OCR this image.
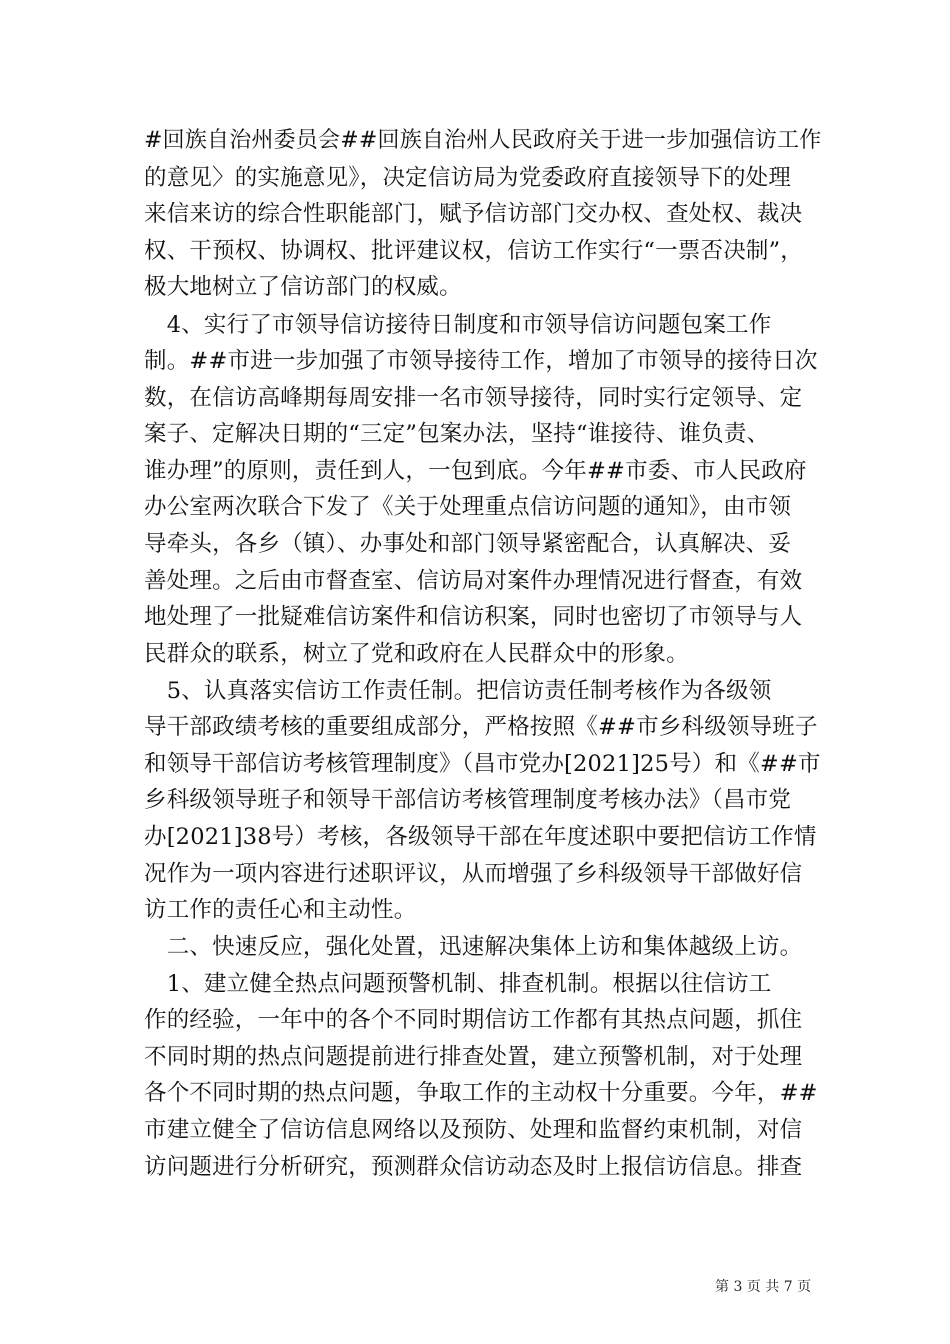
#回族自治州委员会##回族自治州人民政府关于进一步加强信访工作
的意见〉的实施意见》，决定信访局为党委政府直接领导下的处理
来信来访的综合性职能部门，赋予信访部门交办权、查处权、裁决
权、干预权、协调权、批评建议权，信访工作实行“一票否决制”，
极大地树立了信访部门的权威。
　4、实行了市领导信访接待日制度和市领导信访问题包案工作
制。##市进一步加强了市领导接待工作，增加了市领导的接待日次
数，在信访高峰期每周安排一名市领导接待，同时实行定领导、定
案子、定解决日期的“三定”包案办法，坚持“谁接待、谁负责、
谁办理”的原则，责任到人，一包到底。今年##市委、市人民政府
办公室两次联合下发了《关于处理重点信访问题的通知》，由市领
导牵头，各乡（镇）、办事处和部门领导紧密配合，认真解决、妥
善处理。之后由市督查室、信访局对案件办理情况进行督查，有效
地处理了一批疑难信访案件和信访积案，同时也密切了市领导与人
民群众的联系，树立了党和政府在人民群众中的形象。
　5、认真落实信访工作责任制。把信访责任制考核作为各级领
导干部政绩考核的重要组成部分，严格按照《##市乡科级领导班子
和领导干部信访考核管理制度》（昌市党办[2021]25号）和《##市
乡科级领导班子和领导干部信访考核管理制度考核办法》（昌市党
办[2021]38号）考核，各级领导干部在年度述职中要把信访工作情
况作为一项内容进行述职评议，从而增强了乡科级领导干部做好信
访工作的责任心和主动性。
　二、快速反应，强化处置，迅速解决集体上访和集体越级上访。
　1、建立健全热点问题预警机制、排查机制。根据以往信访工
作的经验，一年中的各个不同时期信访工作都有其热点问题，抓住
不同时期的热点问题提前进行排查处置，建立预警机制，对于处理
各个不同时期的热点问题，争取工作的主动权十分重要。今年，##
市建立健全了信访信息网络以及预防、处理和监督约束机制，对信
访问题进行分析研究，预测群众信访动态及时上报信访信息。排查
第 3 页 共 7 页
